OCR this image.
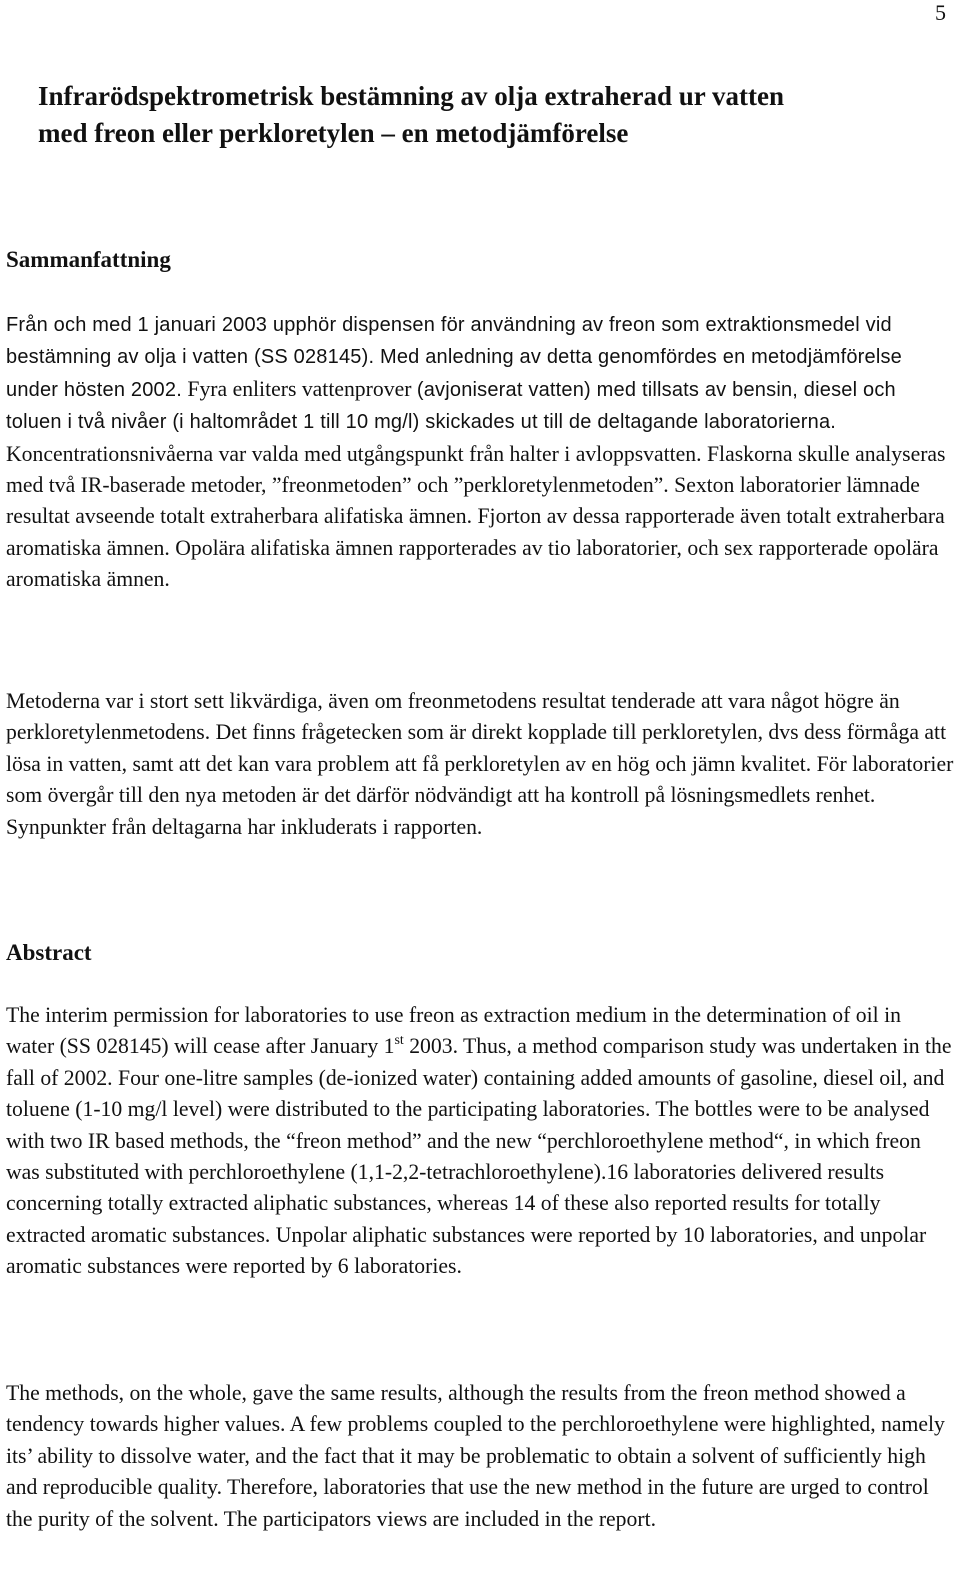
5
Infrarödspektrometrisk bestämning av olja extraherad ur vatten
med freon eller perkloretylen – en metodjämförelse
Sammanfattning

Från och med 1 januari 2003 upphör dispensen för användning av freon som extraktionsmedel vid bestämning av olja i vatten (SS 028145). Med anledning av detta genomfördes en metodjämförelse under hösten 2002. Fyra enliters vattenprover (avjoniserat vatten) med tillsats av bensin, diesel och toluen i två nivåer (i haltområdet 1 till 10 mg/l) skickades ut till de deltagande laboratorierna. Koncentrationsnivåerna var valda med utgångspunkt från halter i avloppsvatten. Flaskorna skulle analyseras med två IR-baserade metoder, ”freonmetoden” och ”perkloretylenmetoden”. Sexton laboratorier lämnade resultat avseende totalt extraherbara alifatiska ämnen. Fjorton av dessa rapporterade även totalt extraherbara aromatiska ämnen. Opolära alifatiska ämnen rapporterades av tio laboratorier, och sex rapporterade opolära aromatiska ämnen.

Metoderna var i stort sett likvärdiga, även om freonmetodens resultat tenderade att vara något högre än perkloretylenmetodens. Det finns frågetecken som är direkt kopplade till perkloretylen, dvs dess förmåga att lösa in vatten, samt att det kan vara problem att få perkloretylen av en hög och jämn kvalitet. För laboratorier som övergår till den nya metoden är det därför nödvändigt att ha kontroll på lösningsmedlets renhet. Synpunkter från deltagarna har inkluderats i rapporten.

Abstract

The interim permission for laboratories to use freon as extraction medium in the determination of oil in water (SS 028145) will cease after January 1st 2003. Thus, a method comparison study was undertaken in the fall of 2002. Four one-litre samples (de-ionized water) containing added amounts of gasoline, diesel oil, and toluene (1-10 mg/l level) were distributed to the participating laboratories. The bottles were to be analysed with two IR based methods, the “freon method” and the new “perchloroethylene method“, in which freon was substituted with perchloroethylene (1,1-2,2-tetrachloroethylene).16 laboratories delivered results concerning totally extracted aliphatic substances, whereas 14 of these also reported results for totally extracted aromatic substances. Unpolar aliphatic substances were reported by 10 laboratories, and unpolar aromatic substances were reported by 6 laboratories.

The methods, on the whole, gave the same results, although the results from the freon method showed a tendency towards higher values. A few problems coupled to the perchloroethylene were highlighted, namely its’ ability to dissolve water, and the fact that it may be problematic to obtain a solvent of sufficiently high and reproducible quality. Therefore, laboratories that use the new method in the future are urged to control the purity of the solvent. The participators views are included in the report.
